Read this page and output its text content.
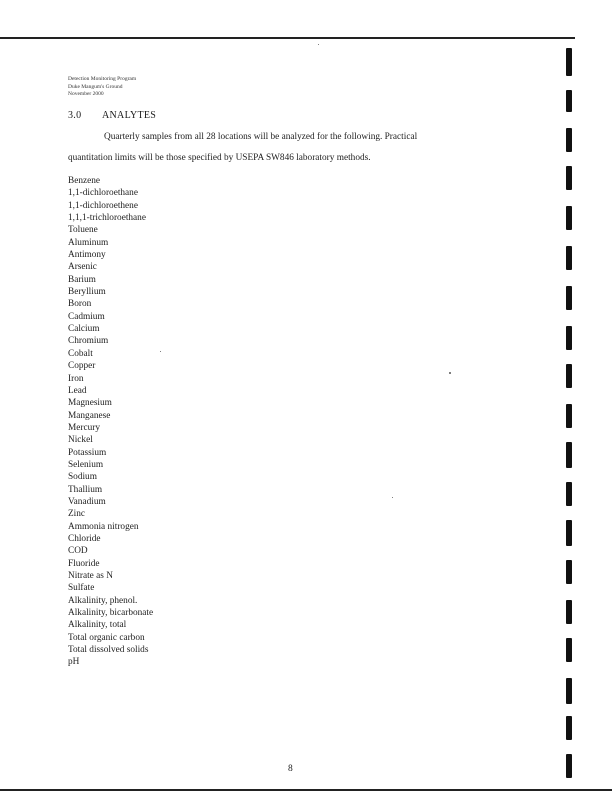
Detection Monitoring Program
Duke Mangum's Ground
November 2000
3.0 ANALYTES
Quarterly samples from all 28 locations will be analyzed for the following. Practical
quantitation limits will be those specified by USEPA SW846 laboratory methods.
Benzene
1,1-dichloroethane
1,1-dichloroethene
1,1,1-trichloroethane
Toluene
Aluminum
Antimony
Arsenic
Barium
Beryllium
Boron
Cadmium
Calcium
Chromium
Cobalt
Copper
Iron
Lead
Magnesium
Manganese
Mercury
Nickel
Potassium
Selenium
Sodium
Thallium
Vanadium
Zinc
Ammonia nitrogen
Chloride
COD
Fluoride
Nitrate as N
Sulfate
Alkalinity, phenol.
Alkalinity, bicarbonate
Alkalinity, total
Total organic carbon
Total dissolved solids
pH
8
